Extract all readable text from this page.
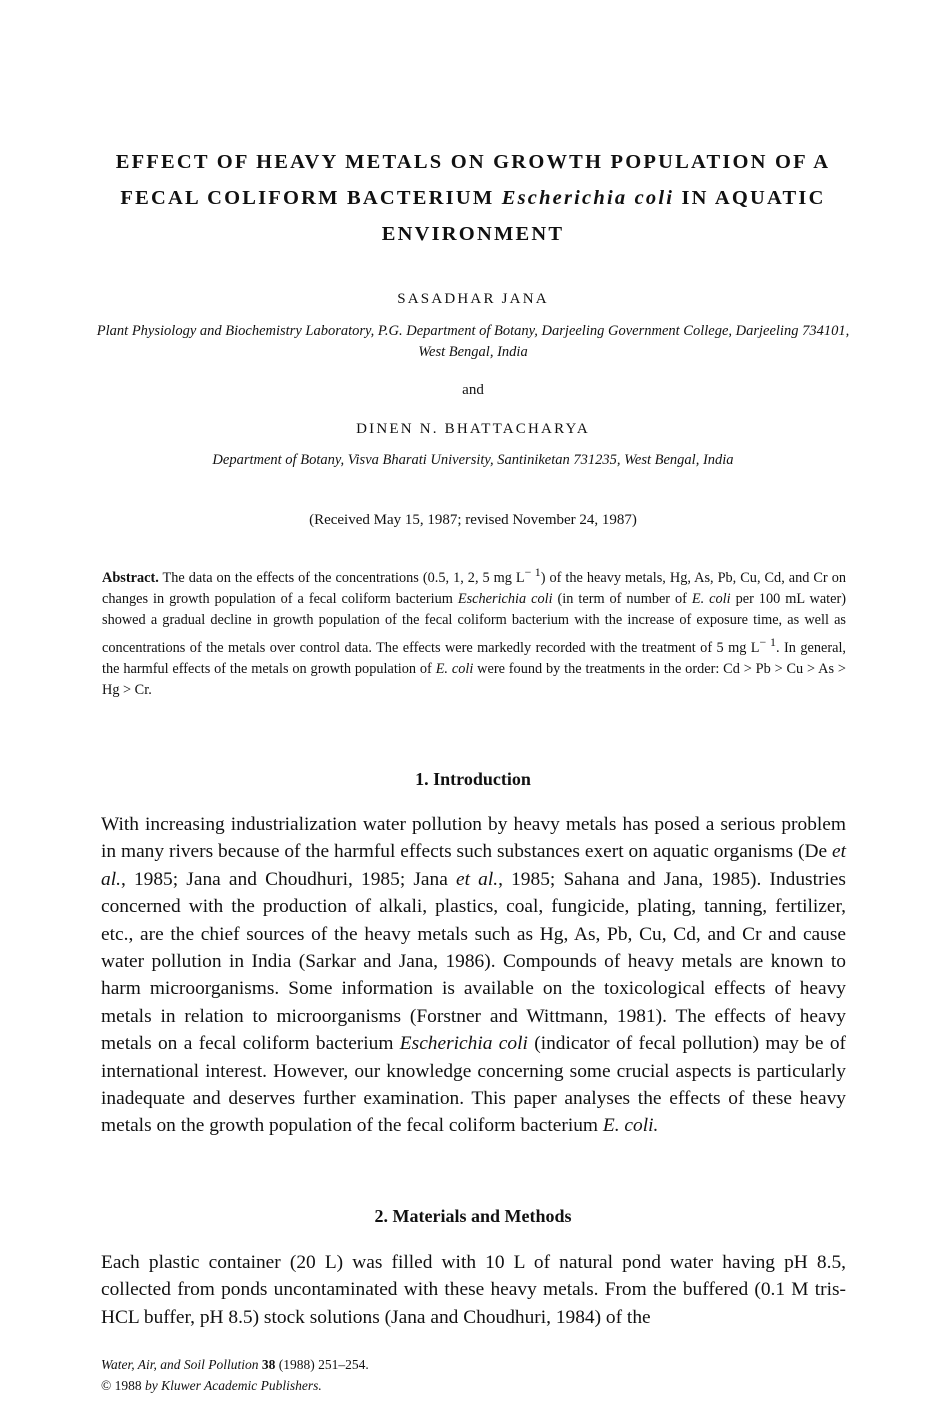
EFFECT OF HEAVY METALS ON GROWTH POPULATION OF A FECAL COLIFORM BACTERIUM Escherichia coli IN AQUATIC ENVIRONMENT
SASADHAR JANA
Plant Physiology and Biochemistry Laboratory, P.G. Department of Botany, Darjeeling Government College, Darjeeling 734101, West Bengal, India
and
DINEN N. BHATTACHARYA
Department of Botany, Visva Bharati University, Santiniketan 731235, West Bengal, India
(Received May 15, 1987; revised November 24, 1987)
Abstract. The data on the effects of the concentrations (0.5, 1, 2, 5 mg $L^{- 1}$) of the heavy metals, Hg, As, Pb, Cu, Cd, and Cr on changes in growth population of a fecal coliform bacterium Escherichia coli (in term of number of E. coli per 100 mL water) showed a gradual decline in growth population of the fecal coliform bacterium with the increase of exposure time, as well as concentrations of the metals over control data. The effects were markedly recorded with the treatment of 5 mg $L^{- 1}$. In general, the harmful effects of the metals on growth population of E. coli were found by the treatments in the order: Cd > Pb > Cu > As > Hg > Cr.
1. Introduction
With increasing industrialization water pollution by heavy metals has posed a serious problem in many rivers because of the harmful effects such substances exert on aquatic organisms (De et al., 1985; Jana and Choudhuri, 1985; Jana et al., 1985; Sahana and Jana, 1985). Industries concerned with the production of alkali, plastics, coal, fungicide, plating, tanning, fertilizer, etc., are the chief sources of the heavy metals such as Hg, As, Pb, Cu, Cd, and Cr and cause water pollution in India (Sarkar and Jana, 1986). Compounds of heavy metals are known to harm microorganisms. Some information is available on the toxicological effects of heavy metals in relation to microorganisms (Forstner and Wittmann, 1981). The effects of heavy metals on a fecal coliform bacterium Escherichia coli (indicator of fecal pollution) may be of international interest. However, our knowledge concerning some crucial aspects is particularly inadequate and deserves further examination. This paper analyses the effects of these heavy metals on the growth population of the fecal coliform bacterium E. coli.
2. Materials and Methods
Each plastic container (20 L) was filled with 10 L of natural pond water having pH 8.5, collected from ponds uncontaminated with these heavy metals. From the buffered (0.1 M tris-HCL buffer, pH 8.5) stock solutions (Jana and Choudhuri, 1984) of the
Water, Air, and Soil Pollution 38 (1988) 251–254.
© 1988 by Kluwer Academic Publishers.
